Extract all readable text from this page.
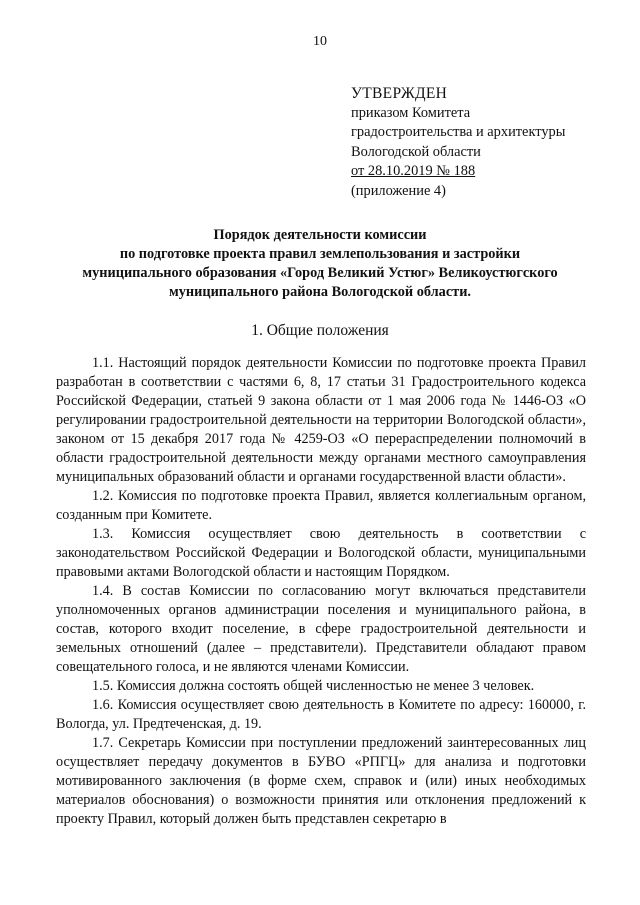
10
УТВЕРЖДЕН
приказом Комитета
градостроительства и архитектуры
Вологодской области
от 28.10.2019 № 188
(приложение 4)
Порядок деятельности комиссии
по подготовке проекта правил землепользования и застройки
муниципального образования «Город Великий Устюг» Великоустюгского
муниципального района Вологодской области.
1. Общие положения

1.1. Настоящий порядок деятельности Комиссии по подготовке проекта Правил разработан в соответствии с частями 6, 8, 17 статьи 31 Градостроительного кодекса Российской Федерации, статьей 9 закона области от 1 мая 2006 года № 1446-ОЗ «О регулировании градостроительной деятельности на территории Вологодской области», законом от 15 декабря 2017 года № 4259-ОЗ «О перераспределении полномочий в области градостроительной деятельности между органами местного самоуправления муниципальных образований области и органами государственной власти области».

1.2. Комиссия по подготовке проекта Правил, является коллегиальным органом, созданным при Комитете.

1.3. Комиссия осуществляет свою деятельность в соответствии с законодательством Российской Федерации и Вологодской области, муниципальными правовыми актами Вологодской области и настоящим Порядком.

1.4. В состав Комиссии по согласованию могут включаться представители уполномоченных органов администрации поселения и муниципального района, в состав, которого входит поселение, в сфере градостроительной деятельности и земельных отношений (далее – представители). Представители обладают правом совещательного голоса, и не являются членами Комиссии.

1.5. Комиссия должна состоять общей численностью не менее 3 человек.

1.6. Комиссия осуществляет свою деятельность в Комитете по адресу: 160000, г. Вологда, ул. Предтеченская, д. 19.

1.7. Секретарь Комиссии при поступлении предложений заинтересованных лиц осуществляет передачу документов в БУВО «РПГЦ» для анализа и подготовки мотивированного заключения (в форме схем, справок и (или) иных необходимых материалов обоснования) о возможности принятия или отклонения предложений к проекту Правил, который должен быть представлен секретарю в
